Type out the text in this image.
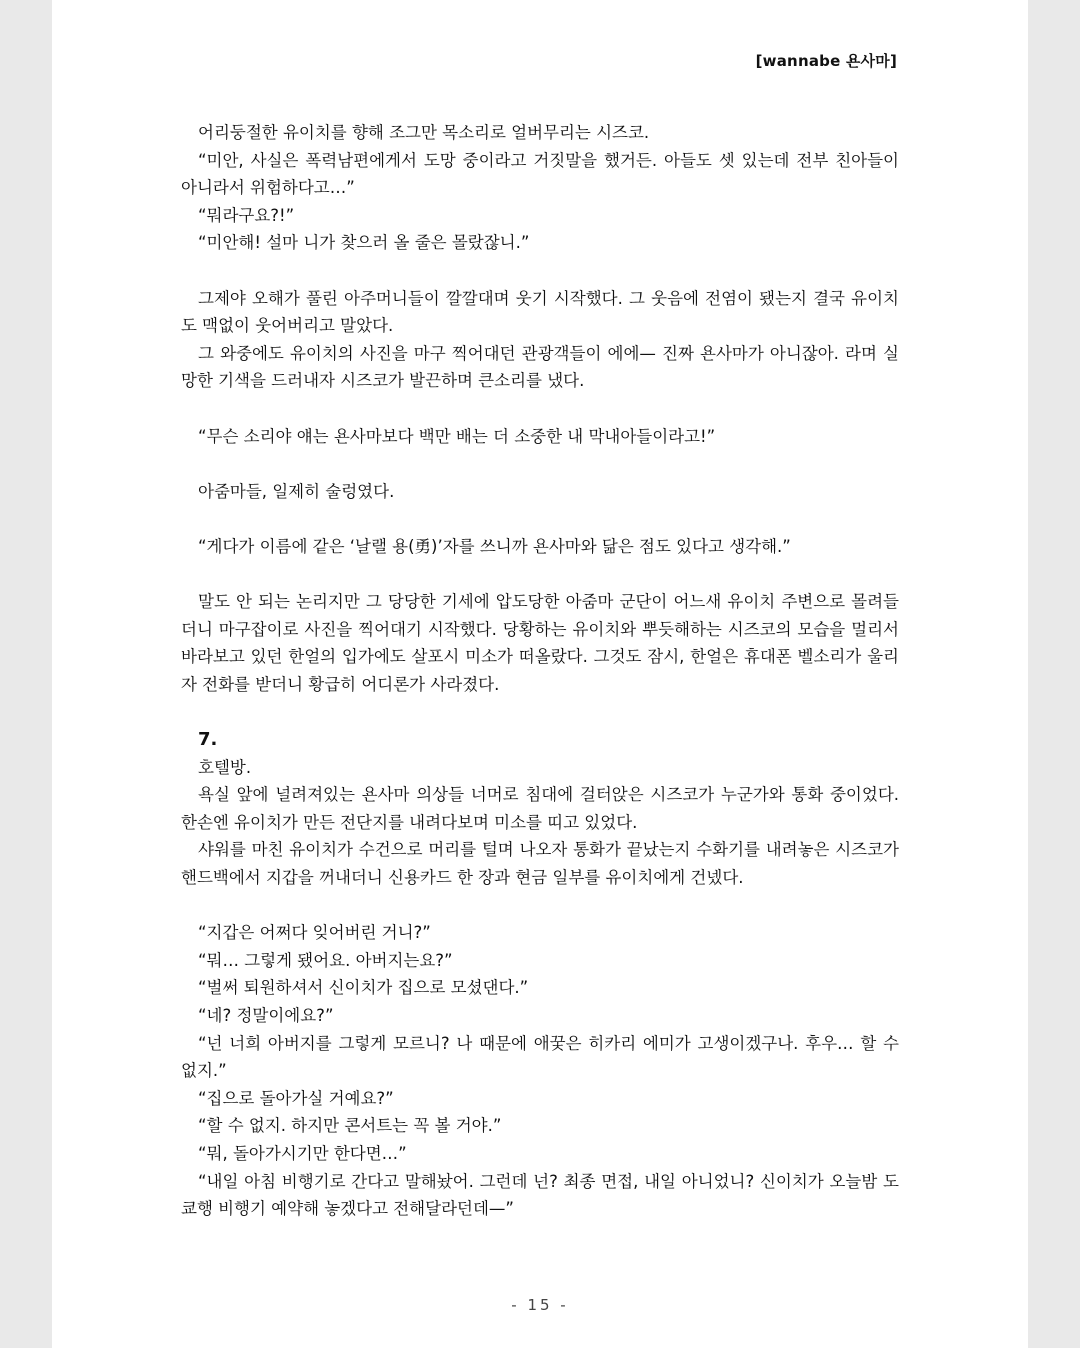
[wannabe 욘사마]

어리둥절한 유이치를 향해 조그만 목소리로 얼버무리는 시즈코.

“미안, 사실은 폭력남편에게서 도망 중이라고 거짓말을 했거든. 아들도 셋 있는데 전부 친아들이 아니라서 위험하다고…”

“뭐라구요?!”

“미안해! 설마 니가 찾으러 올 줄은 몰랐잖니.”

그제야 오해가 풀린 아주머니들이 깔깔대며 웃기 시작했다. 그 웃음에 전염이 됐는지 결국 유이치도 맥없이 웃어버리고 말았다.

그 와중에도 유이치의 사진을 마구 찍어대던 관광객들이 에에— 진짜 욘사마가 아니잖아. 라며 실망한 기색을 드러내자 시즈코가 발끈하며 큰소리를 냈다.

“무슨 소리야 얘는 욘사마보다 백만 배는 더 소중한 내 막내아들이라고!”

아줌마들, 일제히 술렁였다.

“게다가 이름에 같은 ‘날랠 용(勇)’자를 쓰니까 욘사마와 닮은 점도 있다고 생각해.”

말도 안 되는 논리지만 그 당당한 기세에 압도당한 아줌마 군단이 어느새 유이치 주변으로 몰려들더니 마구잡이로 사진을 찍어대기 시작했다. 당황하는 유이치와 뿌듯해하는 시즈코의 모습을 멀리서 바라보고 있던 한얼의 입가에도 살포시 미소가 떠올랐다. 그것도 잠시, 한얼은 휴대폰 벨소리가 울리자 전화를 받더니 황급히 어디론가 사라졌다.

7.

호텔방.

욕실 앞에 널려져있는 욘사마 의상들 너머로 침대에 걸터앉은 시즈코가 누군가와 통화 중이었다. 한손엔 유이치가 만든 전단지를 내려다보며 미소를 띠고 있었다.

샤워를 마친 유이치가 수건으로 머리를 털며 나오자 통화가 끝났는지 수화기를 내려놓은 시즈코가 핸드백에서 지갑을 꺼내더니 신용카드 한 장과 현금 일부를 유이치에게 건넸다.

“지갑은 어쩌다 잊어버린 거니?”

“뭐… 그렇게 됐어요. 아버지는요?”

“벌써 퇴원하셔서 신이치가 집으로 모셨댄다.”

“네? 정말이에요?”

“넌 너희 아버지를 그렇게 모르니? 나 때문에 애꿎은 히카리 에미가 고생이겠구나. 후우… 할 수 없지.”

“집으로 돌아가실 거예요?”

“할 수 없지. 하지만 콘서트는 꼭 볼 거야.”

“뭐, 돌아가시기만 한다면…”

“내일 아침 비행기로 간다고 말해놨어. 그런데 넌? 최종 면접, 내일 아니었니? 신이치가 오늘밤 도쿄행 비행기 예약해 놓겠다고 전해달라던데—”

- 15 -
